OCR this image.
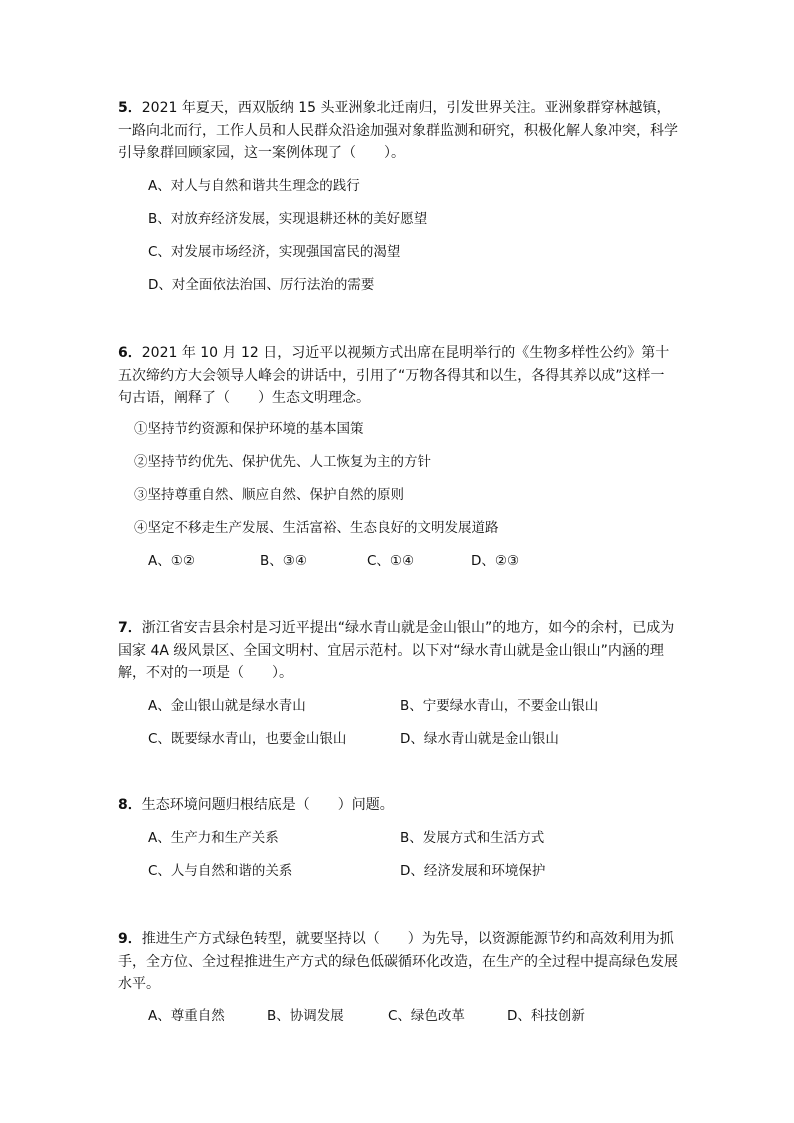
5．2021 年夏天，西双版纳 15 头亚洲象北迁南归，引发世界关注。亚洲象群穿林越镇，一路向北而行，工作人员和人民群众沿途加强对象群监测和研究，积极化解人象冲突，科学引导象群回顾家园，这一案例体现了（　　）。

A、对人与自然和谐共生理念的践行
B、对放弃经济发展，实现退耕还林的美好愿望
C、对发展市场经济，实现强国富民的渴望
D、对全面依法治国、厉行法治的需要

6．2021 年 10 月 12 日，习近平以视频方式出席在昆明举行的《生物多样性公约》第十五次缔约方大会领导人峰会的讲话中，引用了“万物各得其和以生，各得其养以成”这样一句古语，阐释了（　　）生态文明理念。

①坚持节约资源和保护环境的基本国策
②坚持节约优先、保护优先、人工恢复为主的方针
③坚持尊重自然、顺应自然、保护自然的原则
④坚定不移走生产发展、生活富裕、生态良好的文明发展道路
A、①②	B、③④	C、①④	D、②③

7．浙江省安吉县余村是习近平提出“绿水青山就是金山银山”的地方，如今的余村，已成为国家 4A 级风景区、全国文明村、宜居示范村。以下对“绿水青山就是金山银山”内涵的理解，不对的一项是（　　）。

A、金山银山就是绿水青山	B、宁要绿水青山，不要金山银山
C、既要绿水青山，也要金山银山	D、绿水青山就是金山银山

8．生态环境问题归根结底是（　　）问题。

A、生产力和生产关系	B、发展方式和生活方式
C、人与自然和谐的关系	D、经济发展和环境保护

9．推进生产方式绿色转型，就要坚持以（　　）为先导，以资源能源节约和高效利用为抓手，全方位、全过程推进生产方式的绿色低碳循环化改造，在生产的全过程中提高绿色发展水平。

A、尊重自然	B、协调发展	C、绿色改革	D、科技创新
